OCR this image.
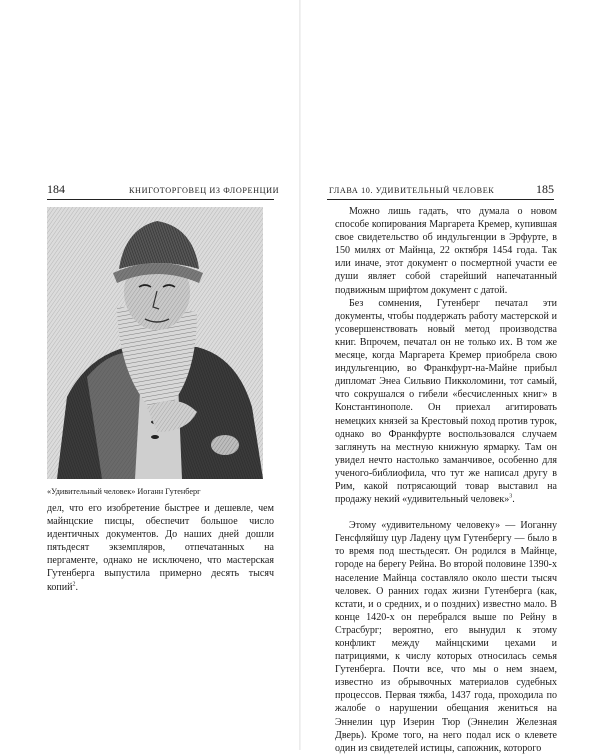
184	КНИГОТОРГОВЕЦ ИЗ ФЛОРЕНЦИИ
«Удивительный человек» Иоганн Гутенберг

дел, что его изобретение быстрее и дешевле, чем майнцские писцы, обеспечит большое число идентичных документов. До наших дней дошли пятьдесят экземпляров, отпечатанных на пергаменте, однако не исключено, что мастерская Гутенберга выпустила примерно десять тысяч копий$^2$.

ГЛАВА 10. УДИВИТЕЛЬНЫЙ ЧЕЛОВЕК	185

Можно лишь гадать, что думала о новом способе копирования Маргарета Кремер, купившая свое свидетельство об индульгенции в Эрфурте, в 150 милях от Майнца, 22 октября 1454 года. Так или иначе, этот документ о посмертной участи ее души являет собой старейший напечатанный подвижным шрифтом документ с датой.

Без сомнения, Гутенберг печатал эти документы, чтобы поддержать работу мастерской и усовершенствовать новый метод производства книг. Впрочем, печатал он не только их. В том же месяце, когда Маргарета Кремер приобрела свою индульгенцию, во Франкфурт-на-Майне прибыл дипломат Энеа Сильвио Пикколомини, тот самый, что сокрушался о гибели «бесчисленных книг» в Константинополе. Он приехал агитировать немецких князей за Крестовый поход против турок, однако во Франкфурте воспользовался случаем заглянуть на местную книжную ярмарку. Там он увидел нечто настолько заманчивое, особенно для ученого-библиофила, что тут же написал другу в Рим, какой потрясающий товар выставил на продажу некий «удивительный человек»$^3$.

Этому «удивительному человеку» — Иоганну Генсфляйшу цур Ладену цум Гутенбергу — было в то время под шестьдесят. Он родился в Майнце, городе на берегу Рейна. Во второй половине 1390-х население Майнца составляло около шести тысяч человек. О ранних годах жизни Гутенберга (как, кстати, и о средних, и о поздних) известно мало. В конце 1420-х он перебрался выше по Рейну в Страсбург; вероятно, его вынудил к этому конфликт между майнцскими цехами и патрициями, к числу которых относилась семья Гутенберга. Почти все, что мы о нем знаем, известно из обрывочных материалов судебных процессов. Первая тяжба, 1437 года, проходила по жалобе о нарушении обещания жениться на Эннелин цур Изерин Тюр (Эннелин Железная Дверь). Кроме того, на него подал иск о клевете один из свидетелей истицы, сапожник, которого
